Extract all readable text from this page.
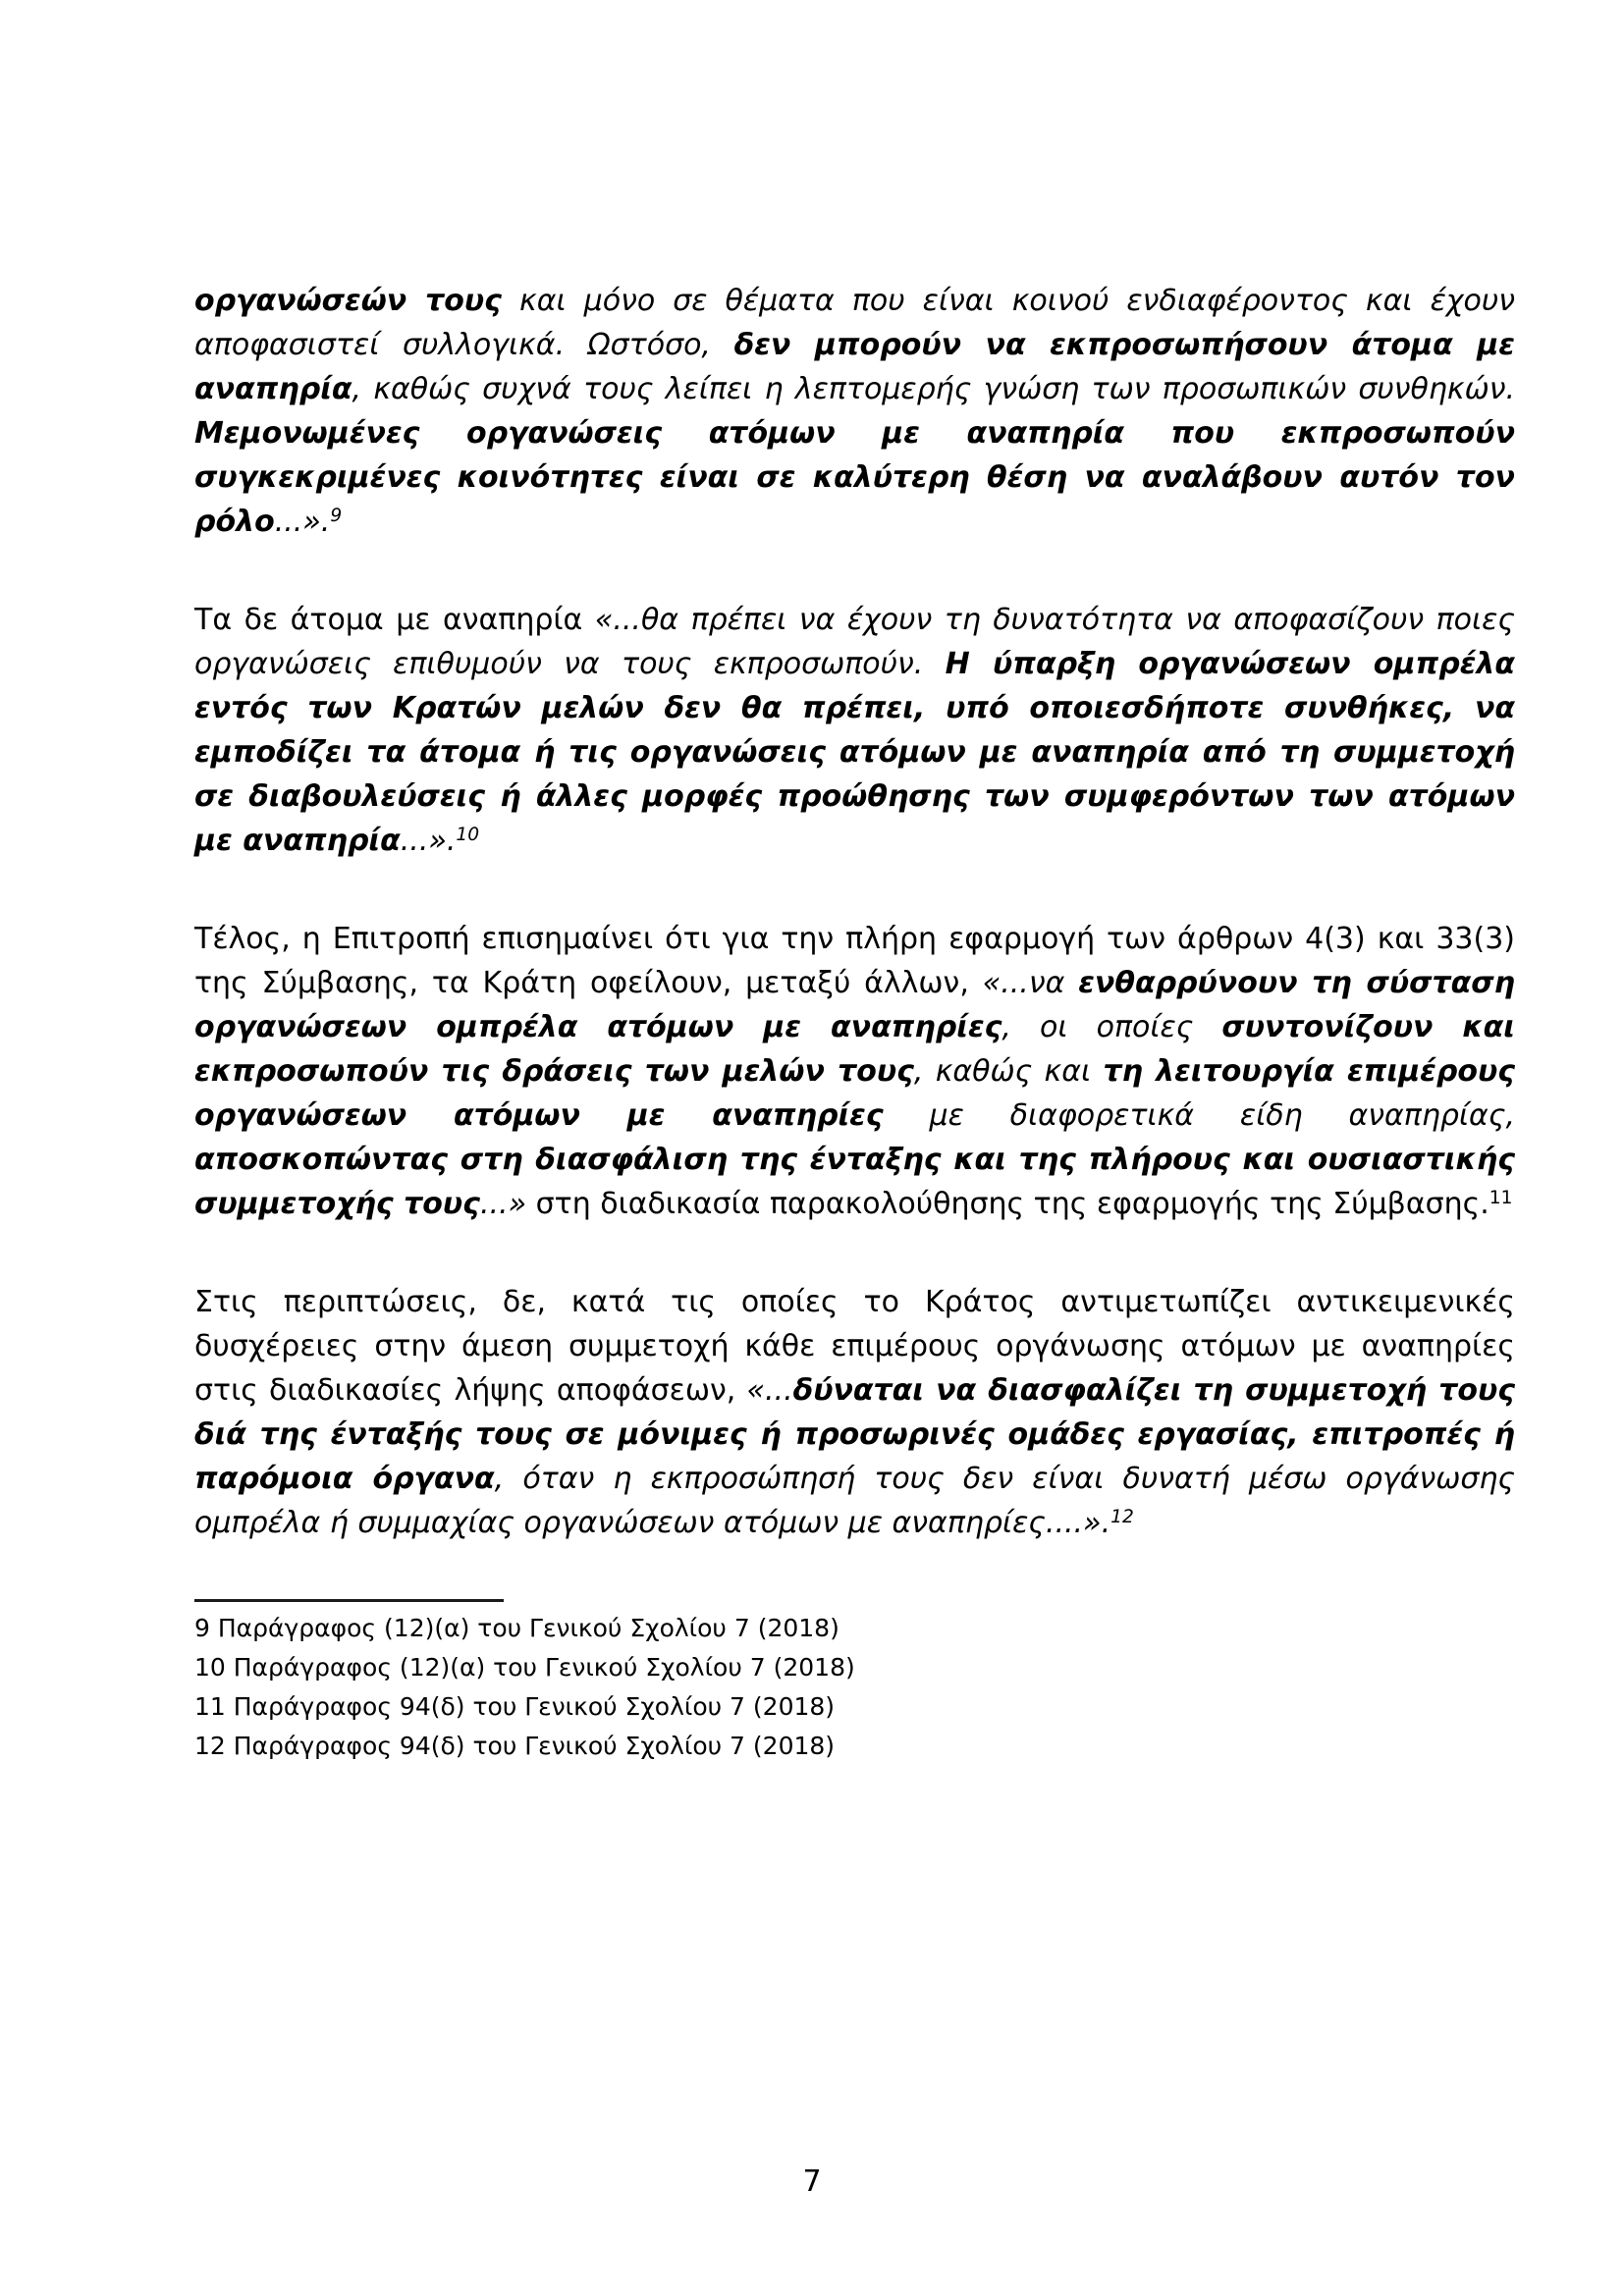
οργανώσεών τους και μόνο σε θέματα που είναι κοινού ενδιαφέροντος και έχουν αποφασιστεί συλλογικά. Ωστόσο, δεν μπορούν να εκπροσωπήσουν άτομα με αναπηρία, καθώς συχνά τους λείπει η λεπτομερής γνώση των προσωπικών συνθηκών. Μεμονωμένες οργανώσεις ατόμων με αναπηρία που εκπροσωπούν συγκεκριμένες κοινότητες είναι σε καλύτερη θέση να αναλάβουν αυτόν τον ρόλο...».$^9$

Τα δε άτομα με αναπηρία «...θα πρέπει να έχουν τη δυνατότητα να αποφασίζουν ποιες οργανώσεις επιθυμούν να τους εκπροσωπούν. Η ύπαρξη οργανώσεων ομπρέλα εντός των Κρατών μελών δεν θα πρέπει, υπό οποιεσδήποτε συνθήκες, να εμποδίζει τα άτομα ή τις οργανώσεις ατόμων με αναπηρία από τη συμμετοχή σε διαβουλεύσεις ή άλλες μορφές προώθησης των συμφερόντων των ατόμων με αναπηρία...».$^{10}$

Τέλος, η Επιτροπή επισημαίνει ότι για την πλήρη εφαρμογή των άρθρων 4(3) και 33(3) της Σύμβασης, τα Κράτη οφείλουν, μεταξύ άλλων, «...να ενθαρρύνουν τη σύσταση οργανώσεων ομπρέλα ατόμων με αναπηρίες, οι οποίες συντονίζουν και εκπροσωπούν τις δράσεις των μελών τους, καθώς και τη λειτουργία επιμέρους οργανώσεων ατόμων με αναπηρίες με διαφορετικά είδη αναπηρίας, αποσκοπώντας στη διασφάλιση της ένταξης και της πλήρους και ουσιαστικής συμμετοχής τους...» στη διαδικασία παρακολούθησης της εφαρμογής της Σύμβασης.$^{11}$

Στις περιπτώσεις, δε, κατά τις οποίες το Κράτος αντιμετωπίζει αντικειμενικές δυσχέρειες στην άμεση συμμετοχή κάθε επιμέρους οργάνωσης ατόμων με αναπηρίες στις διαδικασίες λήψης αποφάσεων, «...δύναται να διασφαλίζει τη συμμετοχή τους διά της ένταξής τους σε μόνιμες ή προσωρινές ομάδες εργασίας, επιτροπές ή παρόμοια όργανα, όταν η εκπροσώπησή τους δεν είναι δυνατή μέσω οργάνωσης ομπρέλα ή συμμαχίας οργανώσεων ατόμων με αναπηρίες....».$^{12}$

9 Παράγραφος (12)(α) του Γενικού Σχολίου 7 (2018)
10 Παράγραφος (12)(α) του Γενικού Σχολίου 7 (2018)
11 Παράγραφος 94(δ) του Γενικού Σχολίου 7 (2018)
12 Παράγραφος 94(δ) του Γενικού Σχολίου 7 (2018)
7
